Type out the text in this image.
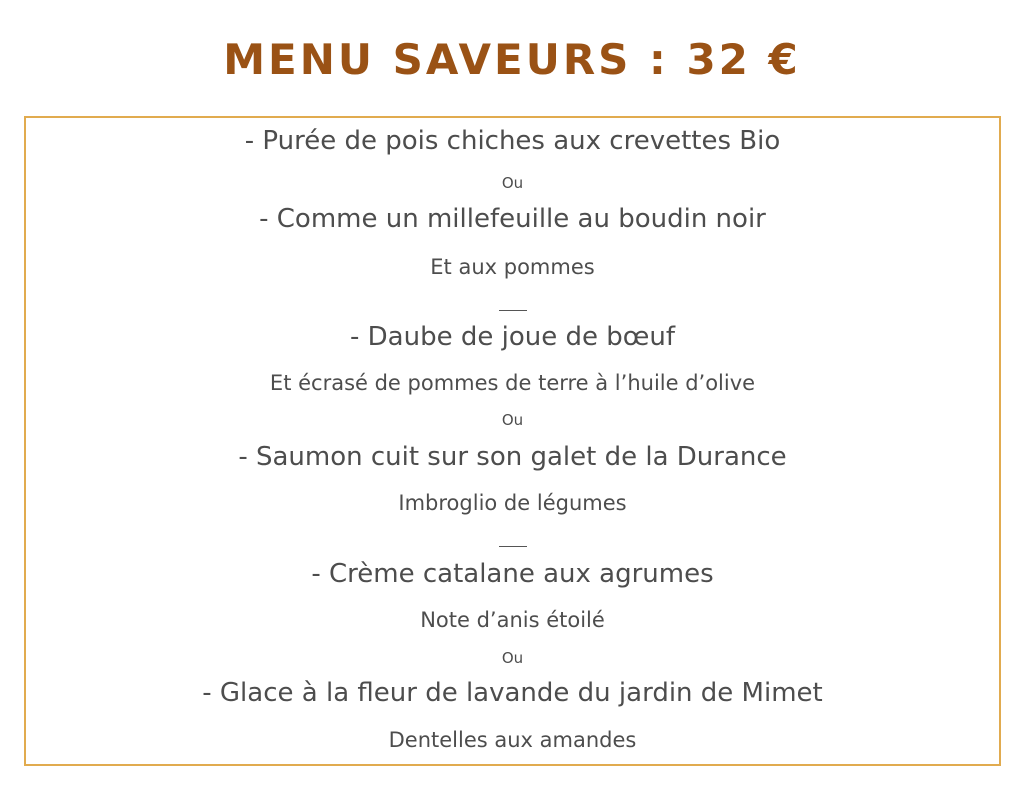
MENU SAVEURS : 32 €
- Purée de pois chiches aux crevettes Bio
Ou
- Comme un millefeuille au boudin noir
Et aux pommes
- Daube de joue de bœuf
Et écrasé de pommes de terre à l’huile d’olive
Ou
- Saumon cuit sur son galet de la Durance
Imbroglio de légumes
- Crème catalane aux agrumes
Note d’anis étoilé
Ou
- Glace à la fleur de lavande du jardin de Mimet
Dentelles aux amandes
